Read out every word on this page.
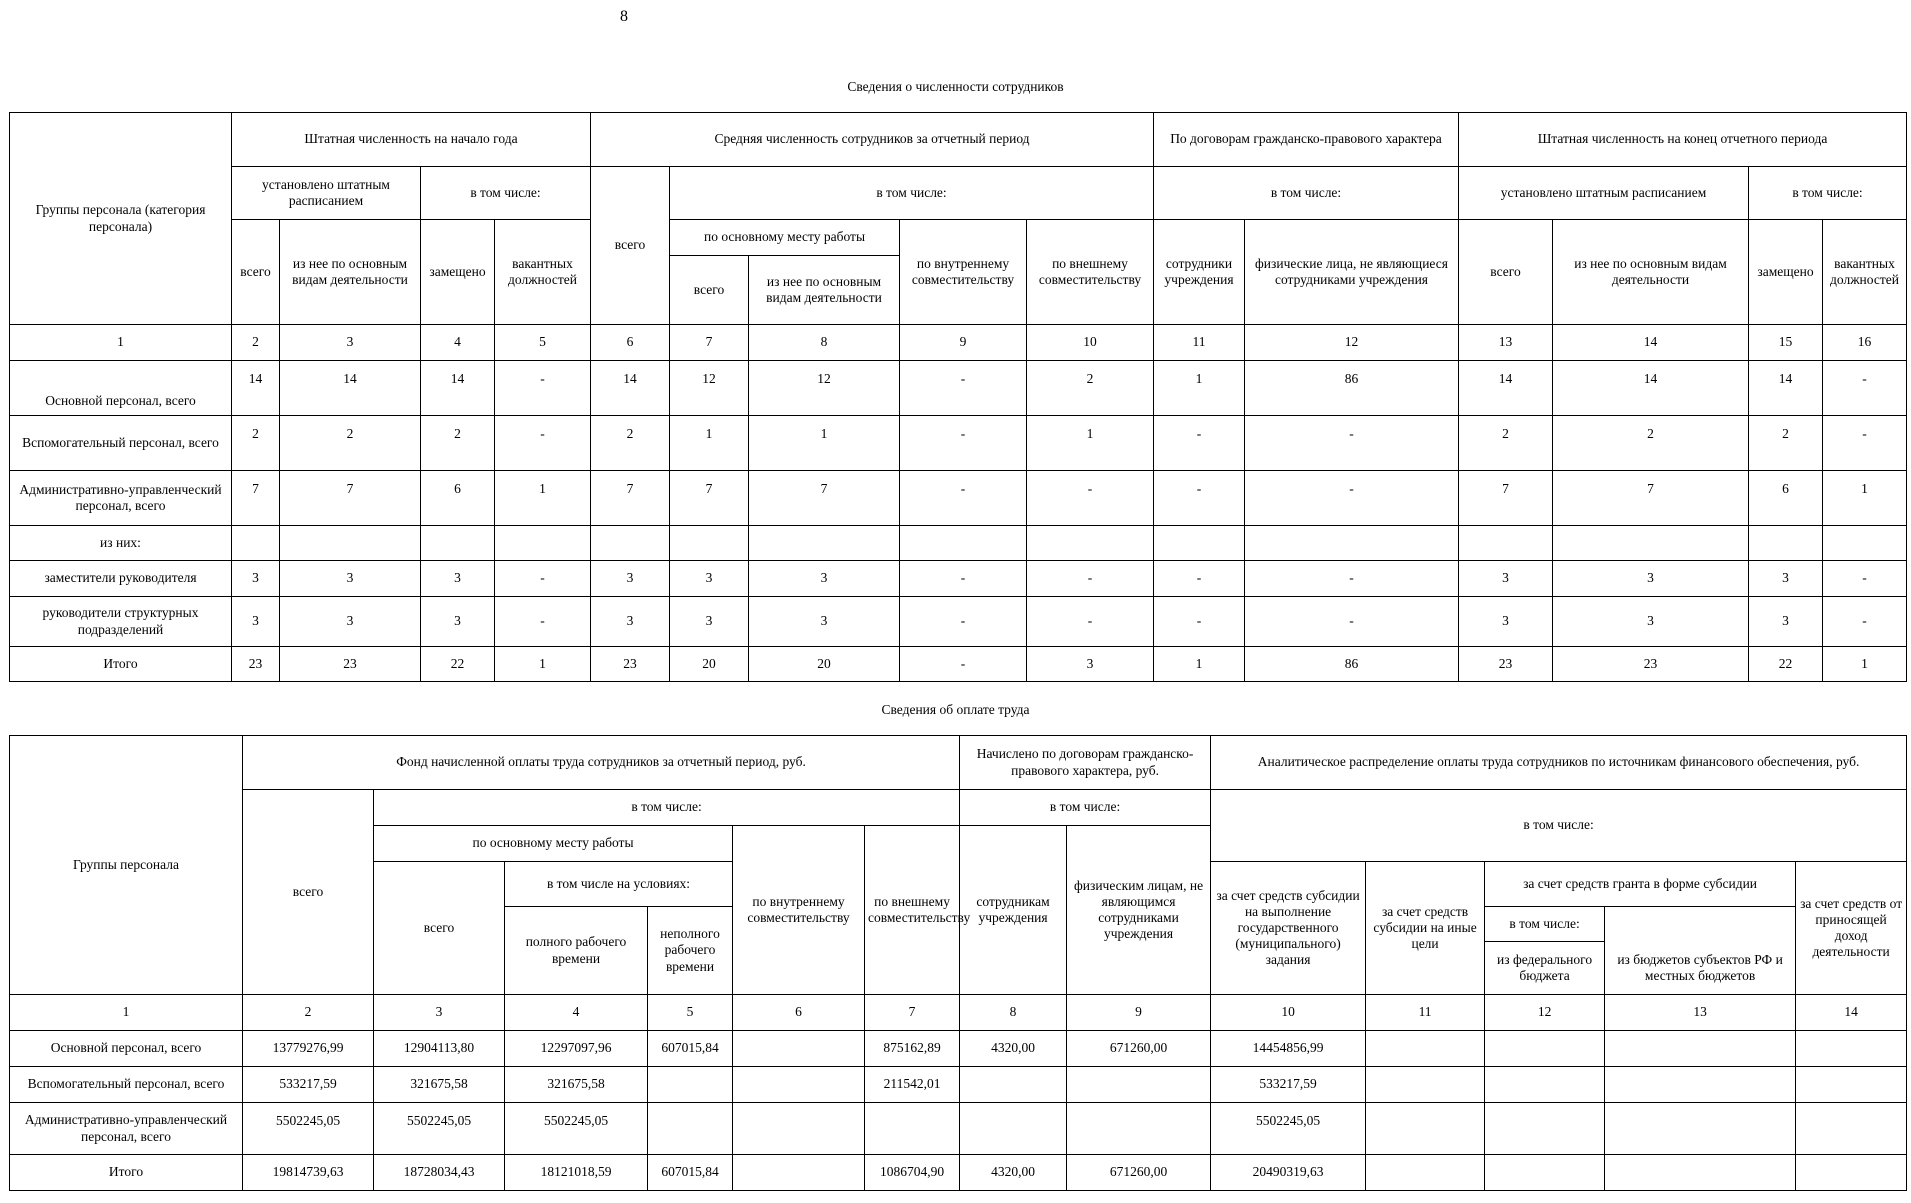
8
Сведения о численности сотрудников
Группы персонала (категория персонала)	Штатная численность на начало года				Средняя численность сотрудников за отчетный период					По договорам гражданско-правового характера		Штатная численность на конец отчетного периода			
	установлено штатным расписанием		в том числе:		всего	в том числе:				в том числе:		установлено штатным расписанием		в том числе:	
	всего	из нее по основным видам деятельности	замещено	вакантных должностей		по основному месту работы		по внутреннему совместительству	по внешнему совместительству	сотрудники учреждения	физические лица, не являющиеся сотрудниками учреждения	всего	из нее по основным видам деятельности	замещено	вакантных должностей
						всего	из нее по основным видам деятельности								
1	2	3	4	5	6	7	8	9	10	11	12	13	14	15	16
Основной персонал, всего	14	14	14	-	14	12	12	-	2	1	86	14	14	14	-
Вспомогательный персонал, всего	2	2	2	-	2	1	1	-	1	-	-	2	2	2	-
Административно-управленческий персонал, всего	7	7	6	1	7	7	7	-	-	-	-	7	7	6	1
из них:															
заместители руководителя	3	3	3	-	3	3	3	-	-	-	-	3	3	3	-
руководители структурных подразделений	3	3	3	-	3	3	3	-	-	-	-	3	3	3	-
Итого	23	23	22	1	23	20	20	-	3	1	86	23	23	22	1
Сведения об оплате труда
Группы персонала	Фонд начисленной оплаты труда сотрудников за отчетный период, руб.						Начислено по договорам гражданско-правового характера, руб.		Аналитическое распределение оплаты труда сотрудников по источникам финансового обеспечения, руб.				
	всего	в том числе:					в том числе:		в том числе:				
		по основному месту работы			по внутреннему совместительству	по внешнему совместительству	сотрудникам учреждения	физическим лицам, не являющимся сотрудниками учреждения					
		всего	в том числе на условиях:						за счет средств субсидии на выполнение государственного (муниципального) задания	за счет средств субсидии на иные цели	за счет средств гранта в форме субсидии		за счет средств от приносящей доход деятельности
			полного рабочего времени	неполного рабочего времени							в том числе:
из федерального бюджета	из бюджетов субъектов РФ и местных бюджетов	

1	2	3	4	5	6	7	8	9	10	11	12	13	14
Основной персонал, всего	13779276,99	12904113,80	12297097,96	607015,84		875162,89	4320,00	671260,00	14454856,99				
Вспомогательный персонал, всего	533217,59	321675,58	321675,58			211542,01			533217,59				
Административно-управленческий персонал, всего	5502245,05	5502245,05	5502245,05						5502245,05				
Итого	19814739,63	18728034,43	18121018,59	607015,84		1086704,90	4320,00	671260,00	20490319,63				
